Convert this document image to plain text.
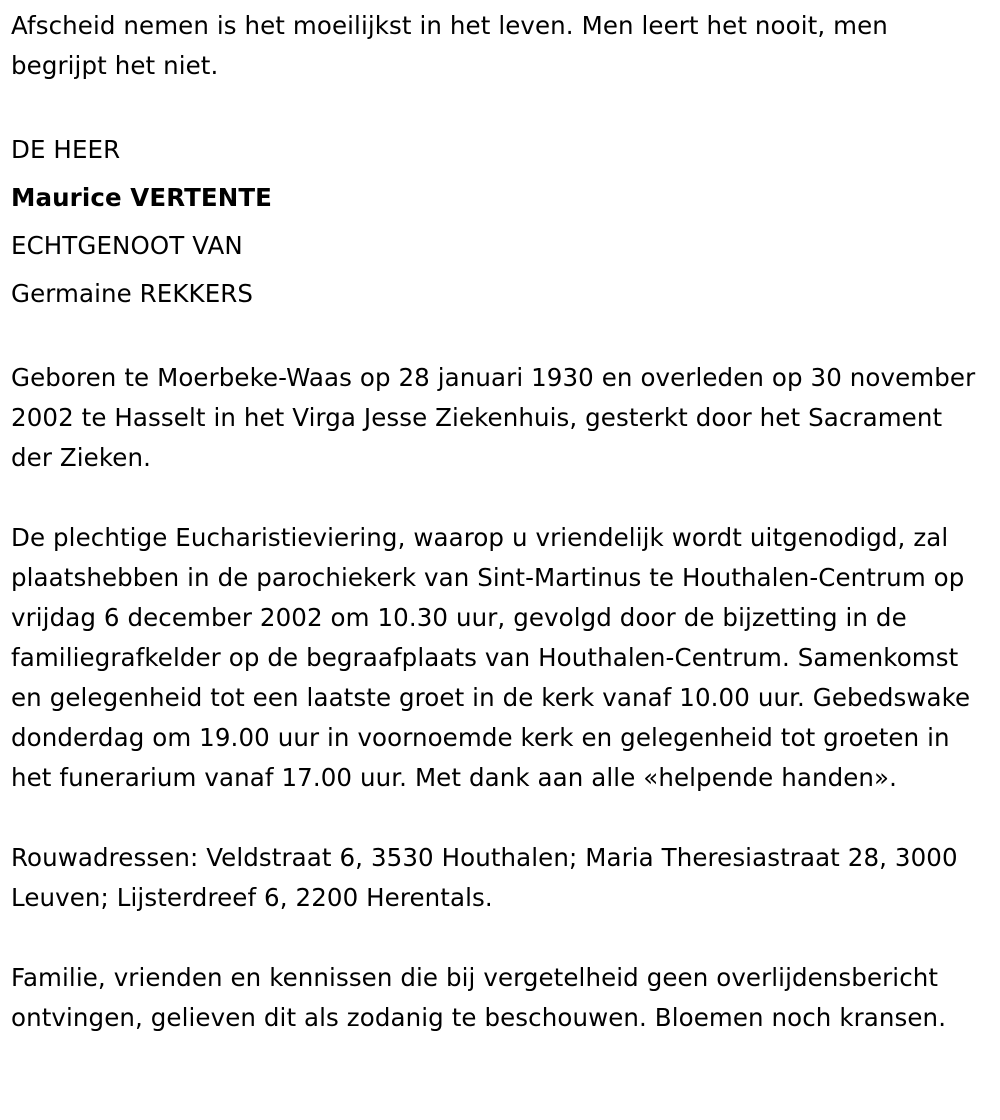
Afscheid nemen is het moeilijkst in het leven. Men leert het nooit, men begrijpt het niet.

DE HEER
Maurice VERTENTE
ECHTGENOOT VAN
Germaine REKKERS

Geboren te Moerbeke-Waas op 28 januari 1930 en overleden op 30 november 2002 te Hasselt in het Virga Jesse Ziekenhuis, gesterkt door het Sacrament der Zieken.

De plechtige Eucharistieviering, waarop u vriendelijk wordt uitgenodigd, zal plaatshebben in de parochiekerk van Sint-Martinus te Houthalen-Centrum op vrijdag 6 december 2002 om 10.30 uur, gevolgd door de bijzetting in de familiegrafkelder op de begraafplaats van Houthalen-Centrum. Samenkomst en gelegenheid tot een laatste groet in de kerk vanaf 10.00 uur. Gebedswake donderdag om 19.00 uur in voornoemde kerk en gelegenheid tot groeten in het funerarium vanaf 17.00 uur. Met dank aan alle «helpende handen».

Rouwadressen: Veldstraat 6, 3530 Houthalen; Maria Theresiastraat 28, 3000 Leuven; Lijsterdreef 6, 2200 Herentals.

Familie, vrienden en kennissen die bij vergetelheid geen overlijdensbericht ontvingen, gelieven dit als zodanig te beschouwen. Bloemen noch kransen.
